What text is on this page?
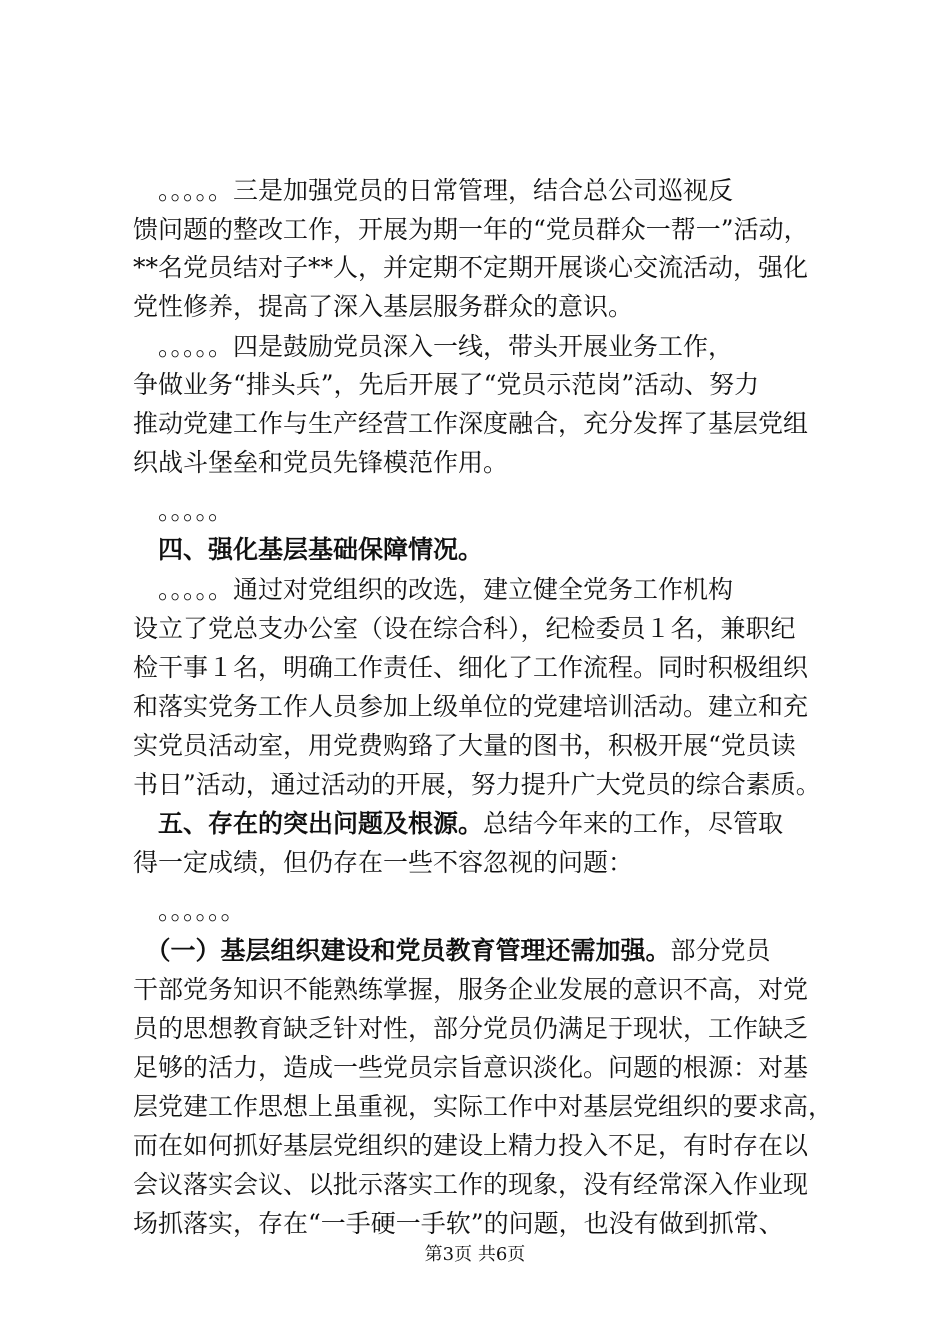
　。。。。。三是加强党员的日常管理，结合总公司巡视反
馈问题的整改工作，开展为期一年的“党员群众一帮一”活动，
**名党员结对子**人，并定期不定期开展谈心交流活动，强化
党性修养，提高了深入基层服务群众的意识。
　。。。。。四是鼓励党员深入一线，带头开展业务工作，
争做业务“排头兵”，先后开展了“党员示范岗”活动、努力
推动党建工作与生产经营工作深度融合，充分发挥了基层党组
织战斗堡垒和党员先锋模范作用。
　。。。。。
　四、强化基层基础保障情况。
　。。。。。通过对党组织的改选，建立健全党务工作机构
设立了党总支办公室（设在综合科），纪检委员１名，兼职纪
检干事１名，明确工作责任、细化了工作流程。同时积极组织
和落实党务工作人员参加上级单位的党建培训活动。建立和充
实党员活动室，用党费购臵了大量的图书，积极开展“党员读
书日”活动，通过活动的开展，努力提升广大党员的综合素质。
　五、存在的突出问题及根源。总结今年来的工作，尽管取
得一定成绩，但仍存在一些不容忽视的问题：
　。。。。。。
　（一）基层组织建设和党员教育管理还需加强。部分党员
干部党务知识不能熟练掌握，服务企业发展的意识不高，对党
员的思想教育缺乏针对性，部分党员仍满足于现状，工作缺乏
足够的活力，造成一些党员宗旨意识淡化。问题的根源：对基
层党建工作思想上虽重视，实际工作中对基层党组织的要求高，
而在如何抓好基层党组织的建设上精力投入不足，有时存在以
会议落实会议、以批示落实工作的现象，没有经常深入作业现
场抓落实，存在“一手硬一手软”的问题，也没有做到抓常、
第3页 共6页
